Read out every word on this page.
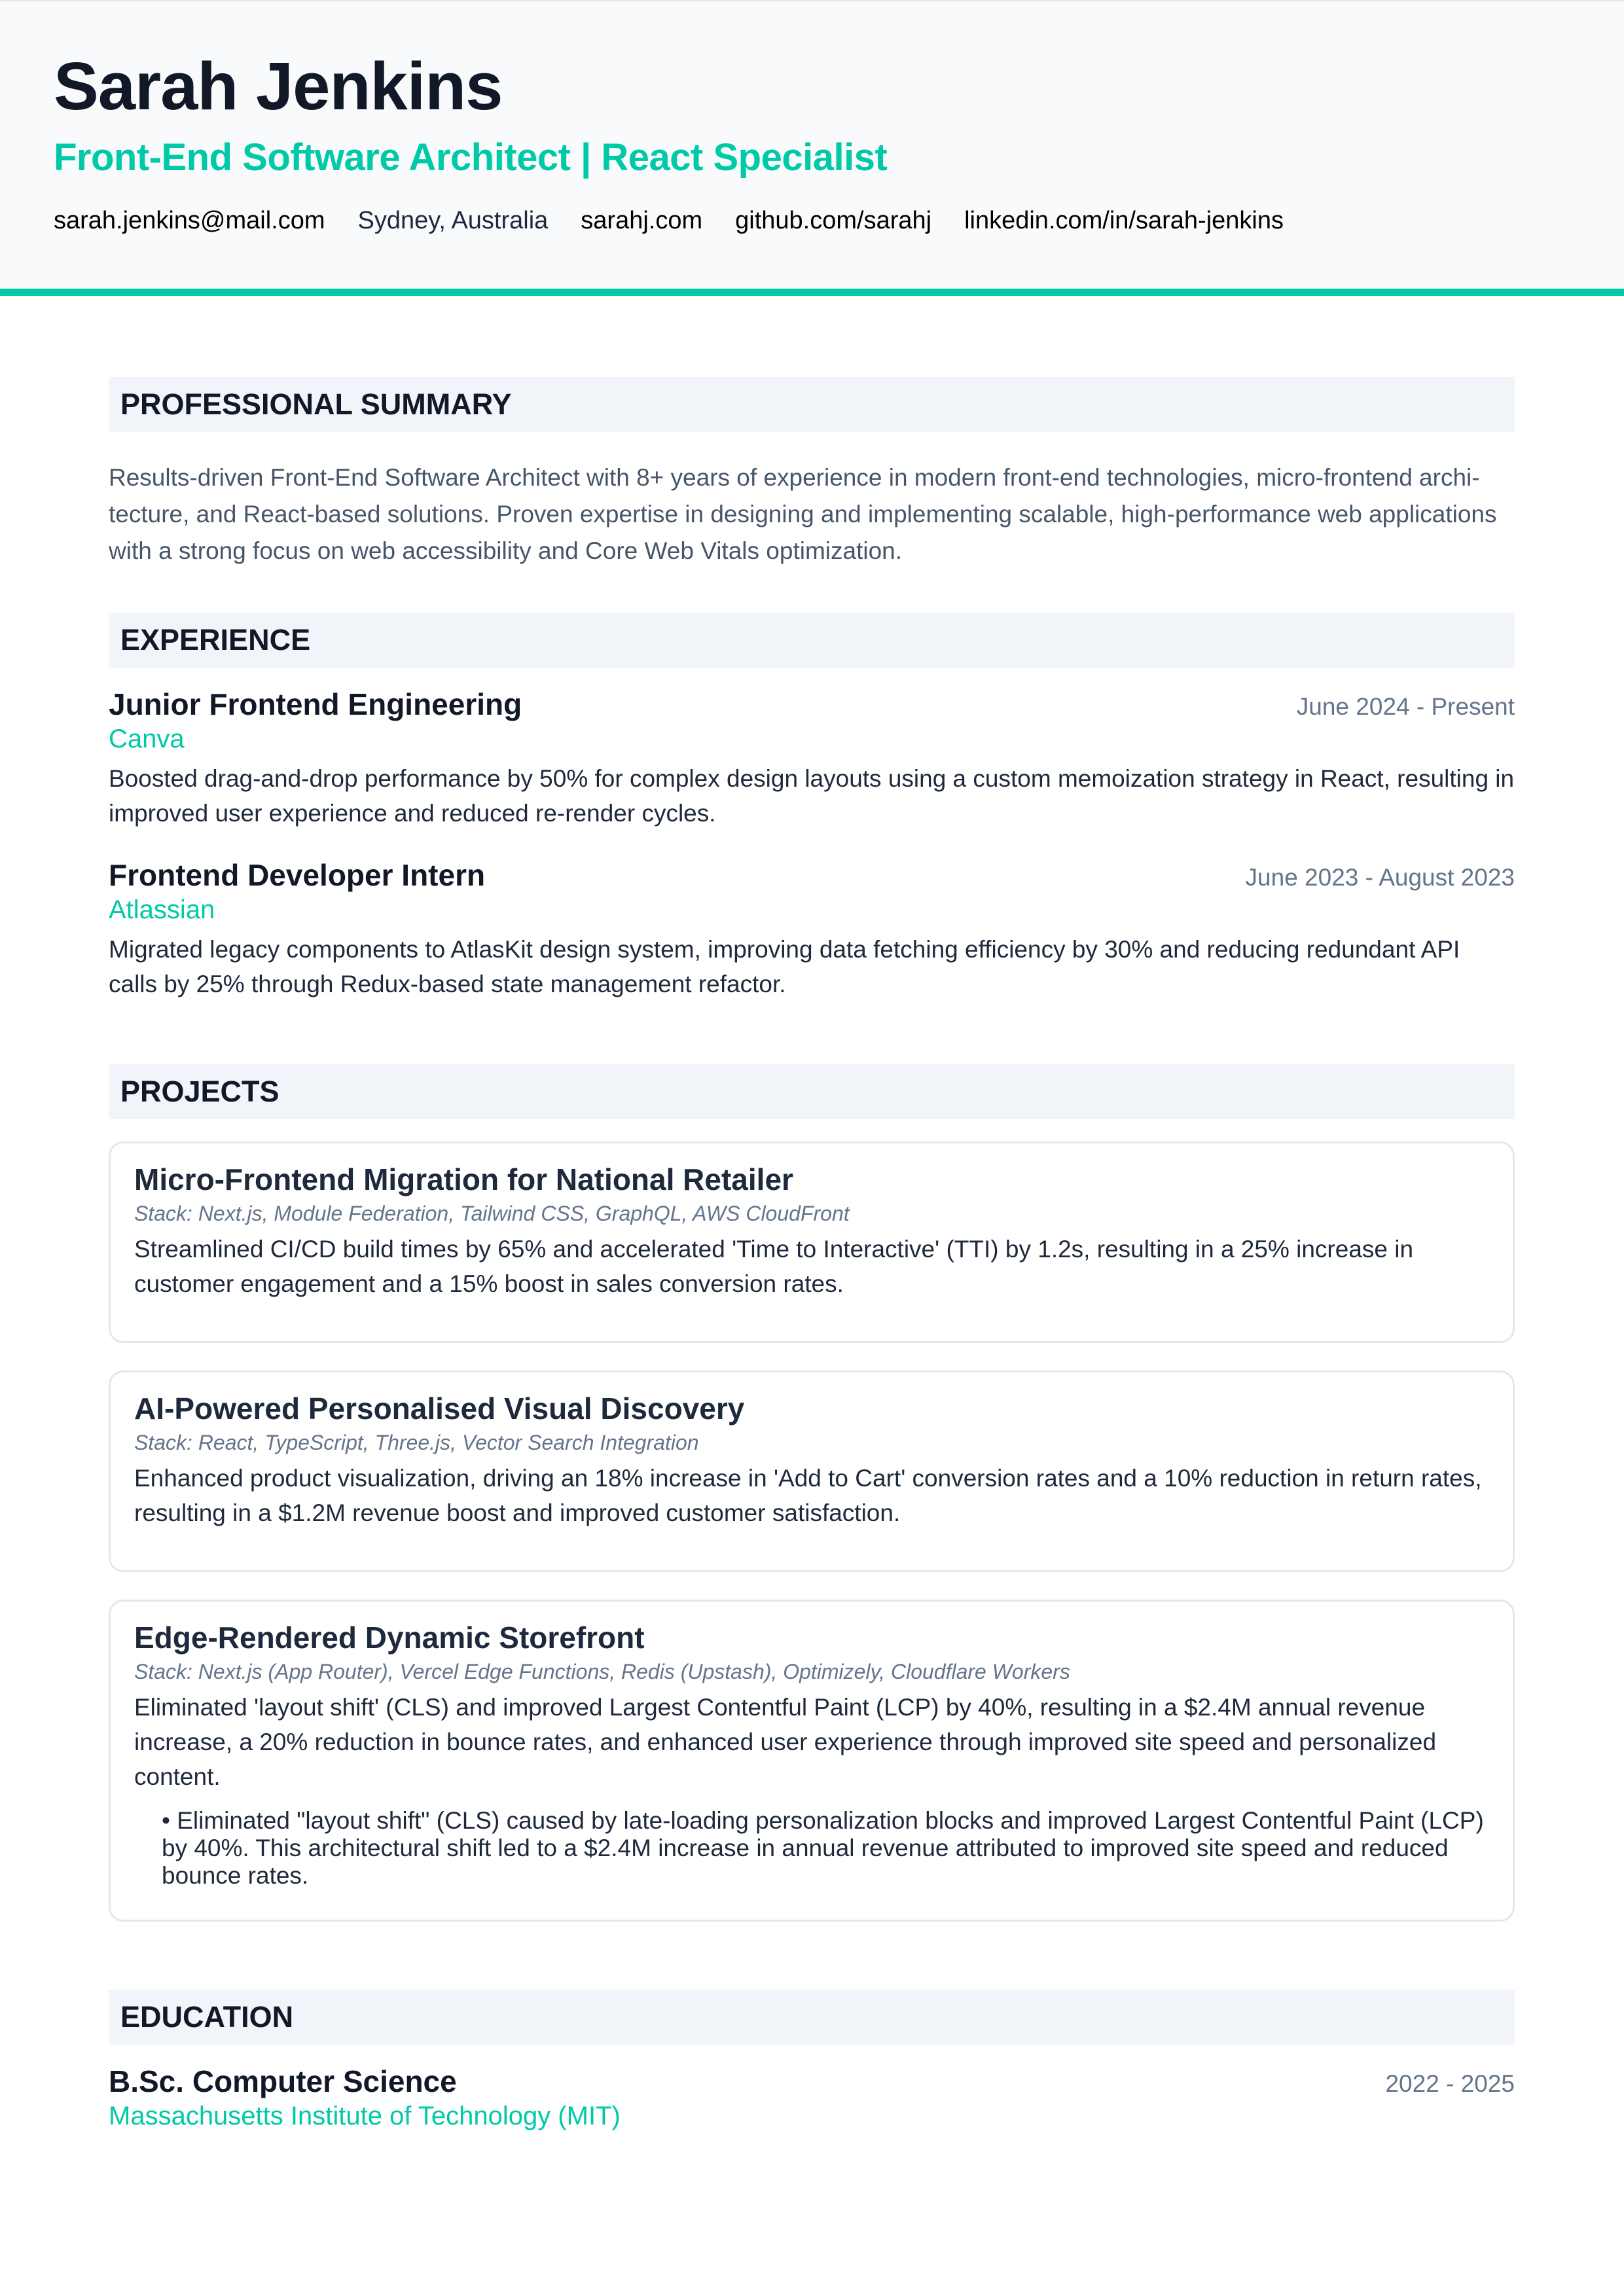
Sarah Jenkins
Front-End Software Architect | React Specialist
sarah.jenkins@mail.com Sydney, Australia sarahj.com github.com/sarahj linkedin.com/in/sarah-jenkins
PROFESSIONAL SUMMARY

Results-driven Front-End Software Architect with 8+ years of experience in modern front-end technologies, micro-frontend archi-tecture, and React-based solutions. Proven expertise in designing and implementing scalable, high-performance web applications with a strong focus on web accessibility and Core Web Vitals optimization.

EXPERIENCE
Junior Frontend Engineering	June 2024 - Present
Canva

Boosted drag-and-drop performance by 50% for complex design layouts using a custom memoization strategy in React, resulting in improved user experience and reduced re-render cycles.

Frontend Developer Intern	June 2023 - August 2023
Atlassian

Migrated legacy components to AtlasKit design system, improving data fetching efficiency by 30% and reducing redundant API calls by 25% through Redux-based state management refactor.

PROJECTS
Micro-Frontend Migration for National Retailer
Stack: Next.js, Module Federation, Tailwind CSS, GraphQL, AWS CloudFront

Streamlined CI/CD build times by 65% and accelerated 'Time to Interactive' (TTI) by 1.2s, resulting in a 25% increase in customer engagement and a 15% boost in sales conversion rates.

AI-Powered Personalised Visual Discovery
Stack: React, TypeScript, Three.js, Vector Search Integration

Enhanced product visualization, driving an 18% increase in 'Add to Cart' conversion rates and a 10% reduction in return rates, resulting in a $1.2M revenue boost and improved customer satisfaction.

Edge-Rendered Dynamic Storefront
Stack: Next.js (App Router), Vercel Edge Functions, Redis (Upstash), Optimizely, Cloudflare Workers

Eliminated 'layout shift' (CLS) and improved Largest Contentful Paint (LCP) by 40%, resulting in a $2.4M annual revenue increase, a 20% reduction in bounce rates, and enhanced user experience through improved site speed and personalized content.

• Eliminated "layout shift" (CLS) caused by late-loading personalization blocks and improved Largest Contentful Paint (LCP) by 40%. This architectural shift led to a $2.4M increase in annual revenue attributed to improved site speed and reduced bounce rates.

EDUCATION
B.Sc. Computer Science	2022 - 2025
Massachusetts Institute of Technology (MIT)
